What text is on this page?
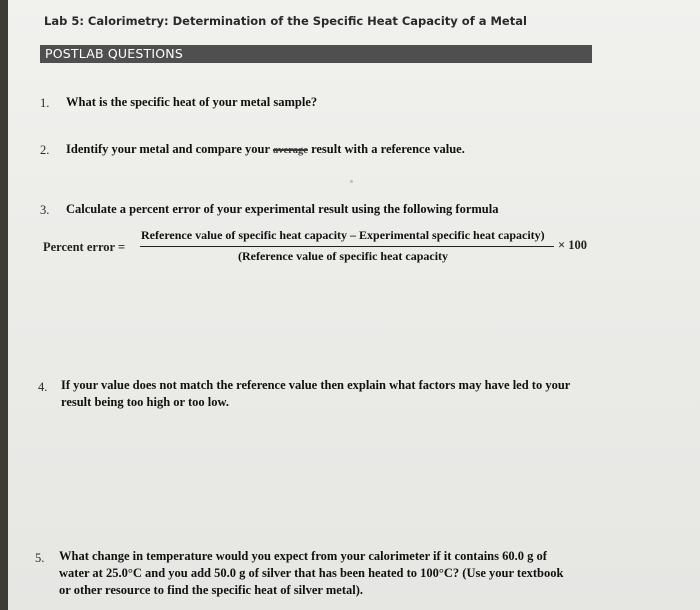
Lab 5: Calorimetry: Determination of the Specific Heat Capacity of a Metal
POSTLAB QUESTIONS
1. What is the specific heat of your metal sample?
2. Identify your metal and compare your average result with a reference value.
3. Calculate a percent error of your experimental result using the following formula
Percent error =
Reference value of specific heat capacity – Experimental specific heat capacity)
(Reference value of specific heat capacity
× 100
4. If your value does not match the reference value then explain what factors may have led to your
result being too high or too low.
5. What change in temperature would you expect from your calorimeter if it contains 60.0 g of
water at 25.0°C and you add 50.0 g of silver that has been heated to 100°C? (Use your textbook
or other resource to find the specific heat of silver metal).
